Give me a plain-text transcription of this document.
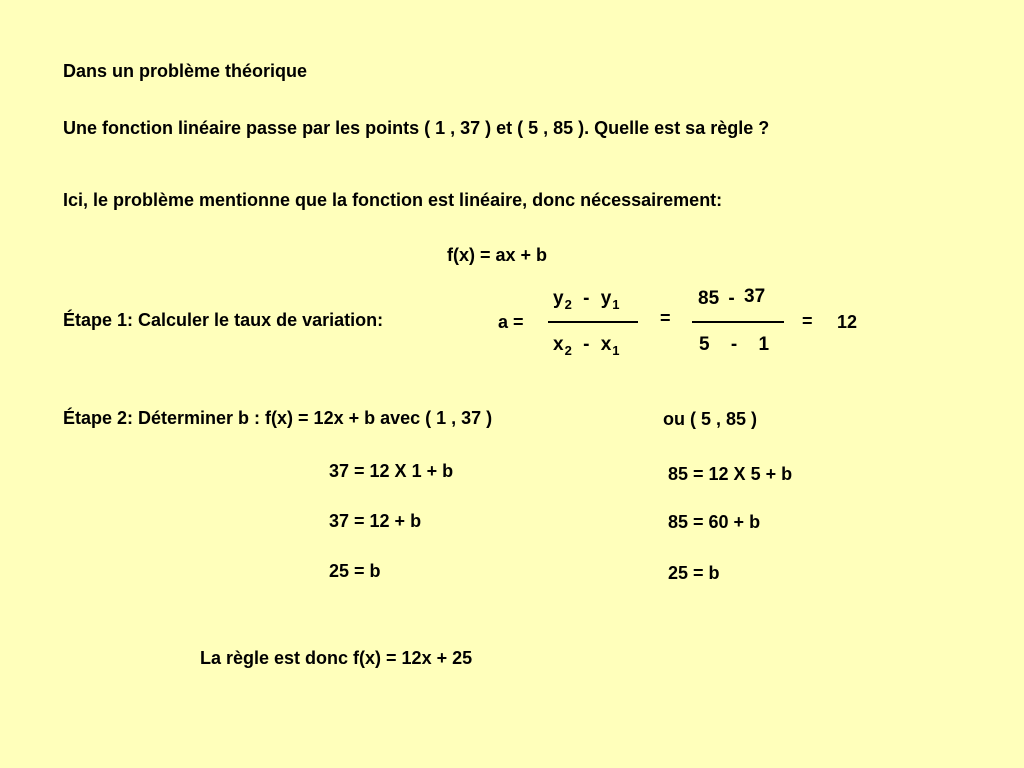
Dans un problème théorique
Une fonction linéaire passe par les points ( 1 , 37 ) et ( 5 , 85 ). Quelle est sa règle ?
Ici, le problème mentionne que la fonction est linéaire, donc nécessairement:
f(x) = ax + b
Étape 1: Calculer le taux de variation:	a =
$y_2 - y_1$
$x_2 - x_1$
=
85 - 37
5 - 1
= 12
Étape 2: Déterminer b : f(x) = 12x + b avec ( 1 , 37 )	ou ( 5 , 85 )
37 = 12 X 1 + b
37 = 12 + b
25 = b
85 = 12 X 5 + b
85 = 60 + b
25 = b
La règle est donc f(x) = 12x + 25
